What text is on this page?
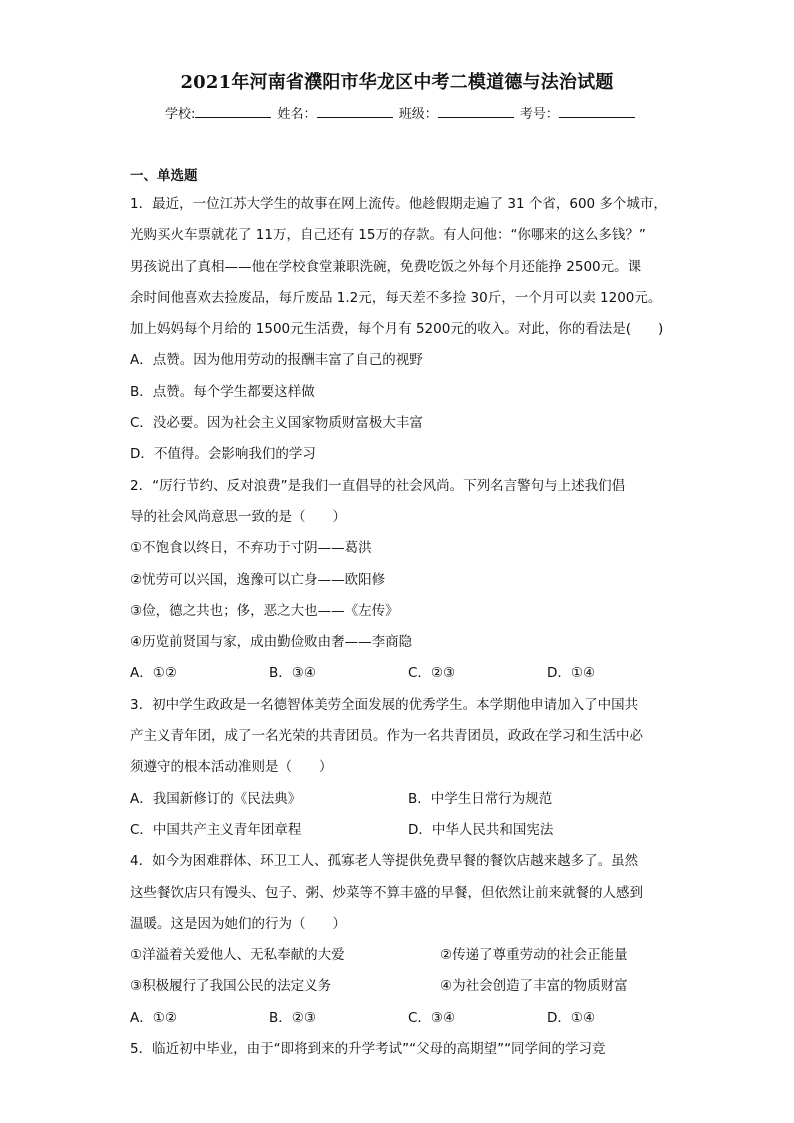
2021年河南省濮阳市华龙区中考二模道德与法治试题
学校:	姓名：	班级：	考号：
一、单选题
1．最近，一位江苏大学生的故事在网上流传。他趁假期走遍了 31 个省，600 多个城市，
光购买火车票就花了 11万，自己还有 15万的存款。有人问他：“你哪来的这么多钱？”
男孩说出了真相——他在学校食堂兼职洗碗，免费吃饭之外每个月还能挣 2500元。课
余时间他喜欢去捡废品，每斤废品 1.2元，每天差不多捡 30斤，一个月可以卖 1200元。
加上妈妈每个月给的 1500元生活费，每个月有 5200元的收入。对此，你的看法是(　　)
A．点赞。因为他用劳动的报酬丰富了自己的视野
B．点赞。每个学生都要这样做
C．没必要。因为社会主义国家物质财富极大丰富
D．不值得。会影响我们的学习
2．“厉行节约、反对浪费”是我们一直倡导的社会风尚。下列名言警句与上述我们倡
导的社会风尚意思一致的是（　　）
①不饱食以终日，不弃功于寸阴——葛洪
②忧劳可以兴国，逸豫可以亡身——欧阳修
③俭，德之共也；侈，恶之大也——《左传》
④历览前贤国与家，成由勤俭败由奢——李商隐
A．①②	B．③④	C．②③	D．①④
3．初中学生政政是一名德智体美劳全面发展的优秀学生。本学期他申请加入了中国共
产主义青年团，成了一名光荣的共青团员。作为一名共青团员，政政在学习和生活中必
须遵守的根本活动准则是（　　）
A．我国新修订的《民法典》	B．中学生日常行为规范
C．中国共产主义青年团章程	D．中华人民共和国宪法
4．如今为困难群体、环卫工人、孤寡老人等提供免费早餐的餐饮店越来越多了。虽然
这些餐饮店只有馒头、包子、粥、炒菜等不算丰盛的早餐，但依然让前来就餐的人感到
温暖。这是因为她们的行为（　　）
①洋溢着关爱他人、无私奉献的大爱	②传递了尊重劳动的社会正能量
③积极履行了我国公民的法定义务	④为社会创造了丰富的物质财富
A．①②	B．②③	C．③④	D．①④
5．临近初中毕业，由于“即将到来的升学考试”“父母的高期望”“同学间的学习竞
